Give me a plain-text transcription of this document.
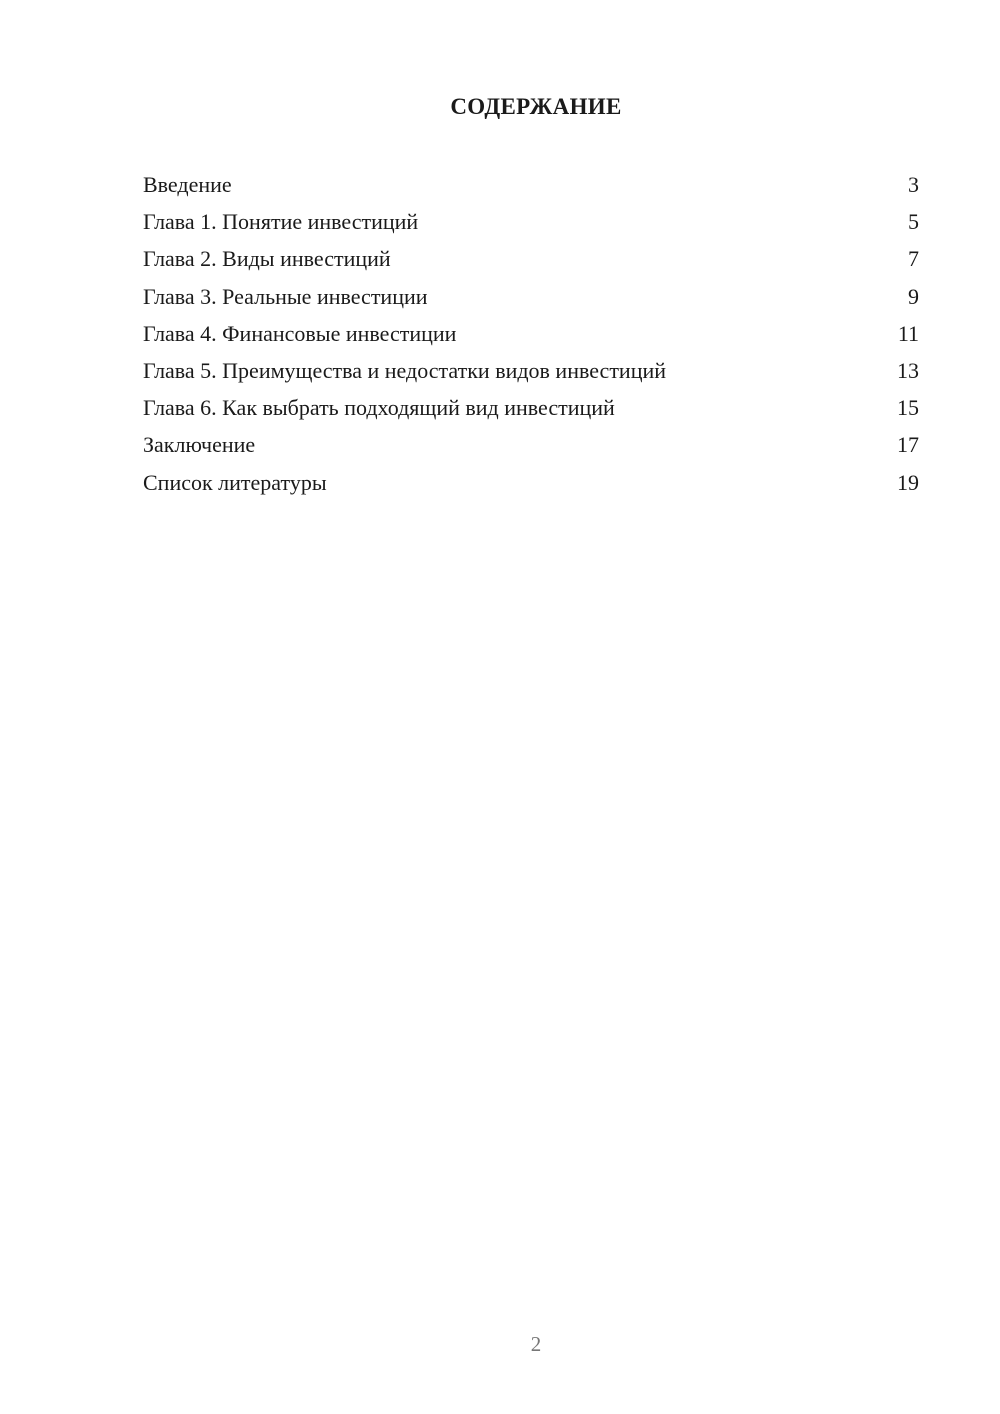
СОДЕРЖАНИЕ
Введение	3
Глава 1. Понятие инвестиций	5
Глава 2. Виды инвестиций	7
Глава 3. Реальные инвестиции	9
Глава 4. Финансовые инвестиции	11
Глава 5. Преимущества и недостатки видов инвестиций	13
Глава 6. Как выбрать подходящий вид инвестиций	15
Заключение	17
Список литературы	19
2
